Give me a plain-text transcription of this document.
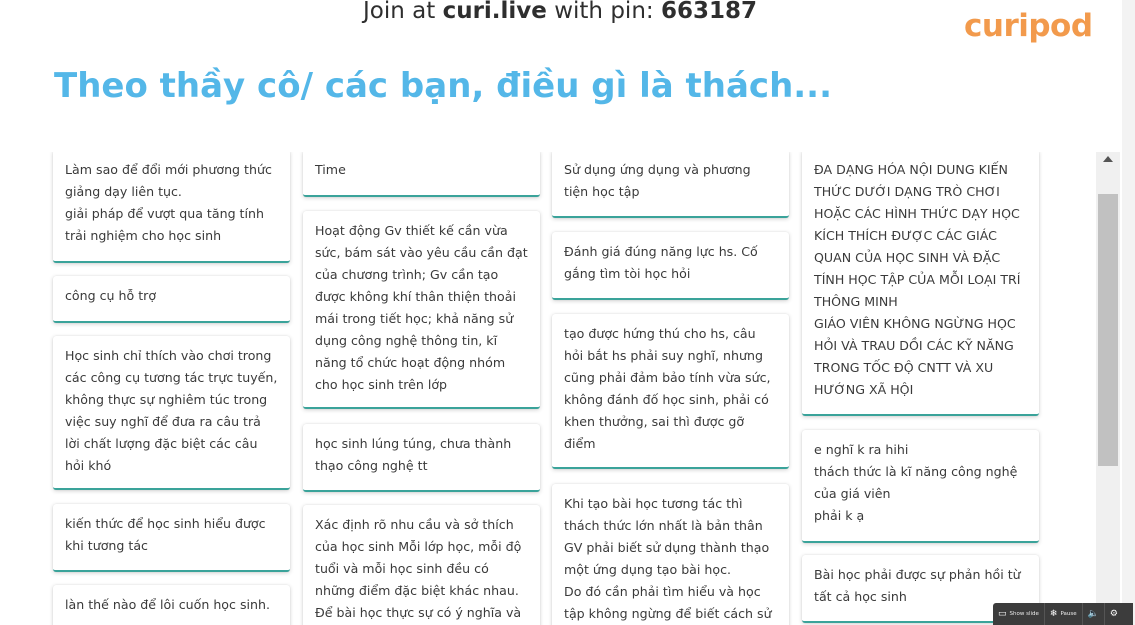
Join at curi.live with pin: 663187	curipod
Theo thầy cô/ các bạn, điều gì là thách...
Làm sao để đổi mới phương thức giảng dạy liên tục.
giải pháp để vượt qua tăng tính trải nghiệm cho học sinh
công cụ hỗ trợ
Học sinh chỉ thích vào chơi trong các công cụ tương tác trực tuyến, không thực sự nghiêm túc trong việc suy nghĩ để đưa ra câu trả lời chất lượng đặc biệt các câu hỏi khó
kiến thức để học sinh hiểu được khi tương tác
làn thế nào để lôi cuốn học sinh.
Time
Hoạt động Gv thiết kế cần vừa sức, bám sát vào yêu cầu cần đạt của chương trình; Gv cần tạo được không khí thân thiện thoải mái trong tiết học; khả năng sử dụng công nghệ thông tin, kĩ năng tổ chức hoạt động nhóm cho học sinh trên lớp
học sinh lúng túng, chưa thành thạo công nghệ tt
Xác định rõ nhu cầu và sở thích của học sinh Mỗi lớp học, mỗi độ tuổi và mỗi học sinh đều có những điểm đặc biệt khác nhau. Để bài học thực sự có ý nghĩa và
Sử dụng ứng dụng và phương tiện học tập
Đánh giá đúng năng lực hs. Cố gắng tìm tòi học hỏi
tạo được hứng thú cho hs, câu hỏi bắt hs phải suy nghĩ, nhưng cũng phải đảm bảo tính vừa sức, không đánh đố học sinh, phải có khen thưởng, sai thì được gỡ điểm
Khi tạo bài học tương tác thì thách thức lớn nhất là bản thân GV phải biết sử dụng thành thạo một ứng dụng tạo bài học.
Do đó cần phải tìm hiểu và học tập không ngừng để biết cách sử
ĐA DẠNG HÓA NỘI DUNG KIẾN THỨC DƯỚI DẠNG TRÒ CHƠI HOẶC CÁC HÌNH THỨC DẠY HỌC KÍCH THÍCH ĐƯỢC CÁC GIÁC QUAN CỦA HỌC SINH VÀ ĐẶC TÍNH HỌC TẬP CỦA MỖI LOẠI TRÍ THÔNG MINH
GIÁO VIÊN KHÔNG NGỪNG HỌC HỎI VÀ TRAU DỒI CÁC KỸ NĂNG TRONG TỐC ĐỘ CNTT VÀ XU HƯỚNG XÃ HỘI
e nghĩ k ra hihi
thách thức là kĩ năng công nghệ của giá viên
phải k ạ
Bài học phải được sự phản hồi từ tất cả học sinh
▭ Show slide ❄ Pause 🔈 ⚙
